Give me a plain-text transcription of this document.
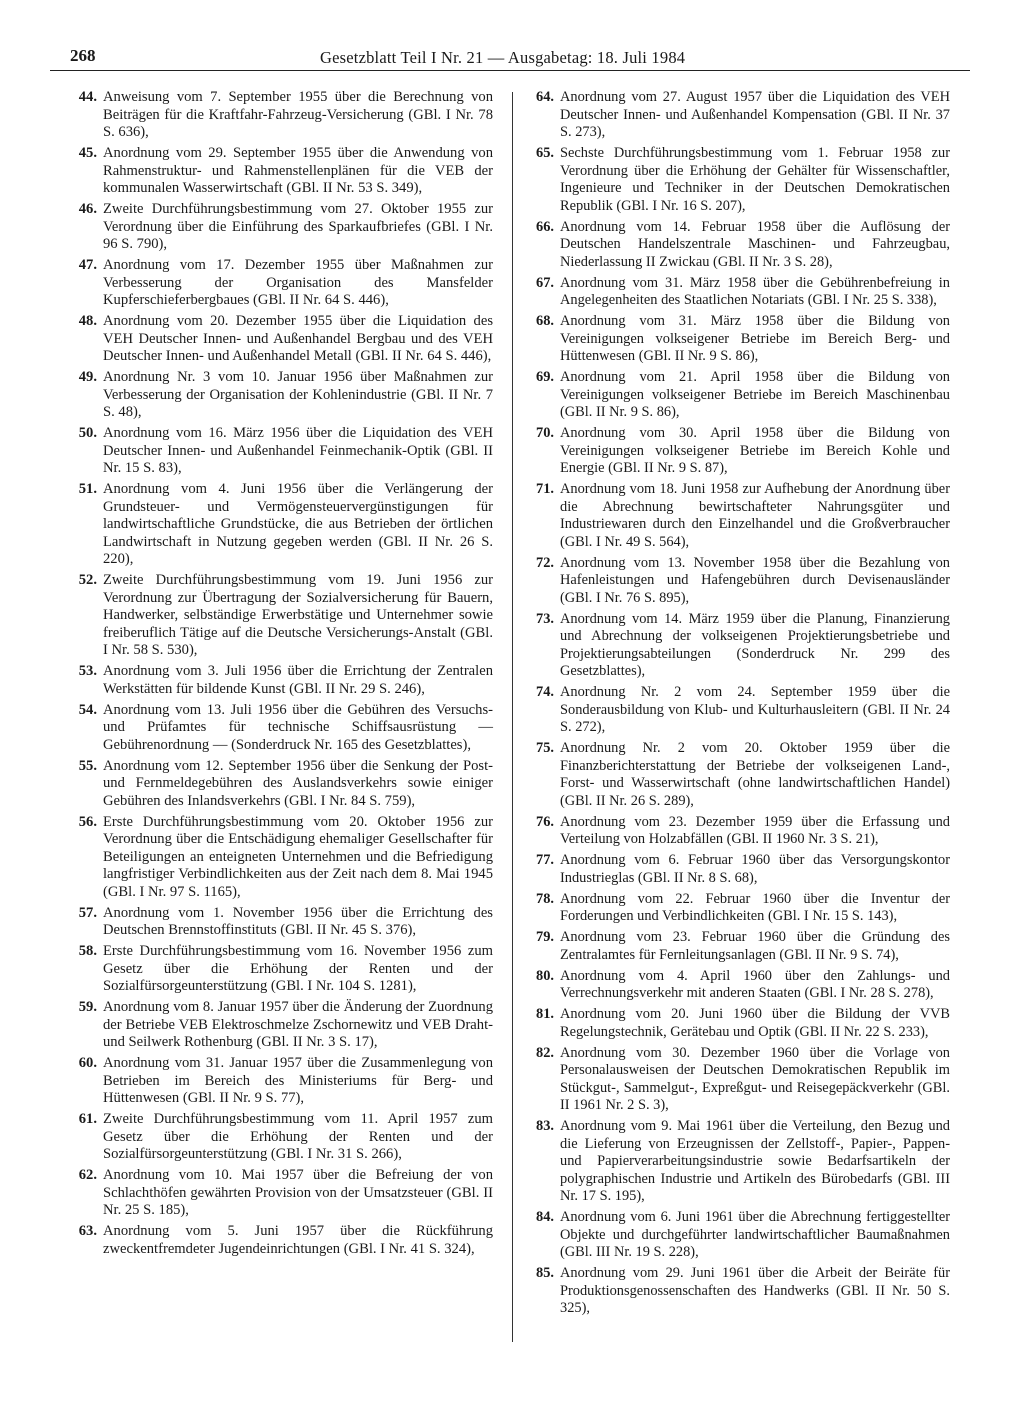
268	Gesetzblatt Teil I Nr. 21 — Ausgabetag: 18. Juli 1984
44. Anweisung vom 7. September 1955 über die Berechnung von Beiträgen für die Kraftfahr-Fahrzeug-Versicherung (GBl. I Nr. 78 S. 636),
45. Anordnung vom 29. September 1955 über die Anwendung von Rahmenstruktur- und Rahmenstellenplänen für die VEB der kommunalen Wasserwirtschaft (GBl. II Nr. 53 S. 349),
46. Zweite Durchführungsbestimmung vom 27. Oktober 1955 zur Verordnung über die Einführung des Sparkaufbriefes (GBl. I Nr. 96 S. 790),
47. Anordnung vom 17. Dezember 1955 über Maßnahmen zur Verbesserung der Organisation des Mansfelder Kupferschieferbergbaues (GBl. II Nr. 64 S. 446),
48. Anordnung vom 20. Dezember 1955 über die Liquidation des VEH Deutscher Innen- und Außenhandel Bergbau und des VEH Deutscher Innen- und Außenhandel Metall (GBl. II Nr. 64 S. 446),
49. Anordnung Nr. 3 vom 10. Januar 1956 über Maßnahmen zur Verbesserung der Organisation der Kohlenindustrie (GBl. II Nr. 7 S. 48),
50. Anordnung vom 16. März 1956 über die Liquidation des VEH Deutscher Innen- und Außenhandel Feinmechanik-Optik (GBl. II Nr. 15 S. 83),
51. Anordnung vom 4. Juni 1956 über die Verlängerung der Grundsteuer- und Vermögensteuervergünstigungen für landwirtschaftliche Grundstücke, die aus Betrieben der örtlichen Landwirtschaft in Nutzung gegeben werden (GBl. II Nr. 26 S. 220),
52. Zweite Durchführungsbestimmung vom 19. Juni 1956 zur Verordnung zur Übertragung der Sozialversicherung für Bauern, Handwerker, selbständige Erwerbstätige und Unternehmer sowie freiberuflich Tätige auf die Deutsche Versicherungs-Anstalt (GBl. I Nr. 58 S. 530),
53. Anordnung vom 3. Juli 1956 über die Errichtung der Zentralen Werkstätten für bildende Kunst (GBl. II Nr. 29 S. 246),
54. Anordnung vom 13. Juli 1956 über die Gebühren des Versuchs- und Prüfamtes für technische Schiffsausrüstung — Gebührenordnung — (Sonderdruck Nr. 165 des Gesetzblattes),
55. Anordnung vom 12. September 1956 über die Senkung der Post- und Fernmeldegebühren des Auslandsverkehrs sowie einiger Gebühren des Inlandsverkehrs (GBl. I Nr. 84 S. 759),
56. Erste Durchführungsbestimmung vom 20. Oktober 1956 zur Verordnung über die Entschädigung ehemaliger Gesellschafter für Beteiligungen an enteigneten Unternehmen und die Befriedigung langfristiger Verbindlichkeiten aus der Zeit nach dem 8. Mai 1945 (GBl. I Nr. 97 S. 1165),
57. Anordnung vom 1. November 1956 über die Errichtung des Deutschen Brennstoffinstituts (GBl. II Nr. 45 S. 376),
58. Erste Durchführungsbestimmung vom 16. November 1956 zum Gesetz über die Erhöhung der Renten und der Sozialfürsorgeunterstützung (GBl. I Nr. 104 S. 1281),
59. Anordnung vom 8. Januar 1957 über die Änderung der Zuordnung der Betriebe VEB Elektroschmelze Zschornewitz und VEB Draht- und Seilwerk Rothenburg (GBl. II Nr. 3 S. 17),
60. Anordnung vom 31. Januar 1957 über die Zusammenlegung von Betrieben im Bereich des Ministeriums für Berg- und Hüttenwesen (GBl. II Nr. 9 S. 77),
61. Zweite Durchführungsbestimmung vom 11. April 1957 zum Gesetz über die Erhöhung der Renten und der Sozialfürsorgeunterstützung (GBl. I Nr. 31 S. 266),
62. Anordnung vom 10. Mai 1957 über die Befreiung der von Schlachthöfen gewährten Provision von der Umsatzsteuer (GBl. II Nr. 25 S. 185),
63. Anordnung vom 5. Juni 1957 über die Rückführung zweckentfremdeter Jugendeinrichtungen (GBl. I Nr. 41 S. 324),
64. Anordnung vom 27. August 1957 über die Liquidation des VEH Deutscher Innen- und Außenhandel Kompensation (GBl. II Nr. 37 S. 273),
65. Sechste Durchführungsbestimmung vom 1. Februar 1958 zur Verordnung über die Erhöhung der Gehälter für Wissenschaftler, Ingenieure und Techniker in der Deutschen Demokratischen Republik (GBl. I Nr. 16 S. 207),
66. Anordnung vom 14. Februar 1958 über die Auflösung der Deutschen Handelszentrale Maschinen- und Fahrzeugbau, Niederlassung II Zwickau (GBl. II Nr. 3 S. 28),
67. Anordnung vom 31. März 1958 über die Gebührenbefreiung in Angelegenheiten des Staatlichen Notariats (GBl. I Nr. 25 S. 338),
68. Anordnung vom 31. März 1958 über die Bildung von Vereinigungen volkseigener Betriebe im Bereich Berg- und Hüttenwesen (GBl. II Nr. 9 S. 86),
69. Anordnung vom 21. April 1958 über die Bildung von Vereinigungen volkseigener Betriebe im Bereich Maschinenbau (GBl. II Nr. 9 S. 86),
70. Anordnung vom 30. April 1958 über die Bildung von Vereinigungen volkseigener Betriebe im Bereich Kohle und Energie (GBl. II Nr. 9 S. 87),
71. Anordnung vom 18. Juni 1958 zur Aufhebung der Anordnung über die Abrechnung bewirtschafteter Nahrungsgüter und Industriewaren durch den Einzelhandel und die Großverbraucher (GBl. I Nr. 49 S. 564),
72. Anordnung vom 13. November 1958 über die Bezahlung von Hafenleistungen und Hafengebühren durch Devisenausländer (GBl. I Nr. 76 S. 895),
73. Anordnung vom 14. März 1959 über die Planung, Finanzierung und Abrechnung der volkseigenen Projektierungsbetriebe und Projektierungsabteilungen (Sonderdruck Nr. 299 des Gesetzblattes),
74. Anordnung Nr. 2 vom 24. September 1959 über die Sonderausbildung von Klub- und Kulturhausleitern (GBl. II Nr. 24 S. 272),
75. Anordnung Nr. 2 vom 20. Oktober 1959 über die Finanzberichterstattung der Betriebe der volkseigenen Land-, Forst- und Wasserwirtschaft (ohne landwirtschaftlichen Handel) (GBl. II Nr. 26 S. 289),
76. Anordnung vom 23. Dezember 1959 über die Erfassung und Verteilung von Holzabfällen (GBl. II 1960 Nr. 3 S. 21),
77. Anordnung vom 6. Februar 1960 über das Versorgungskontor Industrieglas (GBl. II Nr. 8 S. 68),
78. Anordnung vom 22. Februar 1960 über die Inventur der Forderungen und Verbindlichkeiten (GBl. I Nr. 15 S. 143),
79. Anordnung vom 23. Februar 1960 über die Gründung des Zentralamtes für Fernleitungsanlagen (GBl. II Nr. 9 S. 74),
80. Anordnung vom 4. April 1960 über den Zahlungs- und Verrechnungsverkehr mit anderen Staaten (GBl. I Nr. 28 S. 278),
81. Anordnung vom 20. Juni 1960 über die Bildung der VVB Regelungstechnik, Gerätebau und Optik (GBl. II Nr. 22 S. 233),
82. Anordnung vom 30. Dezember 1960 über die Vorlage von Personalausweisen der Deutschen Demokratischen Republik im Stückgut-, Sammelgut-, Expreßgut- und Reisegepäckverkehr (GBl. II 1961 Nr. 2 S. 3),
83. Anordnung vom 9. Mai 1961 über die Verteilung, den Bezug und die Lieferung von Erzeugnissen der Zellstoff-, Papier-, Pappen- und Papierverarbeitungsindustrie sowie Bedarfsartikeln der polygraphischen Industrie und Artikeln des Bürobedarfs (GBl. III Nr. 17 S. 195),
84. Anordnung vom 6. Juni 1961 über die Abrechnung fertiggestellter Objekte und durchgeführter landwirtschaftlicher Baumaßnahmen (GBl. III Nr. 19 S. 228),
85. Anordnung vom 29. Juni 1961 über die Arbeit der Beiräte für Produktionsgenossenschaften des Handwerks (GBl. II Nr. 50 S. 325),
